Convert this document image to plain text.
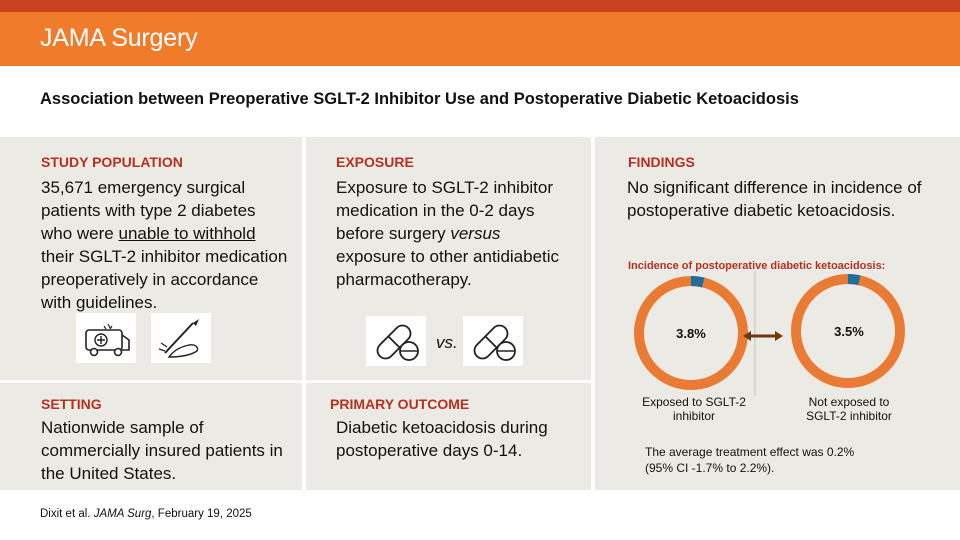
JAMA Surgery
Association between Preoperative SGLT-2 Inhibitor Use and Postoperative Diabetic Ketoacidosis
STUDY POPULATION
35,671 emergency surgical patients with type 2 diabetes who were unable to withhold their SGLT-2 inhibitor medication preoperatively in accordance with guidelines.
EXPOSURE
Exposure to SGLT-2 inhibitor medication in the 0-2 days before surgery versus exposure to other antidiabetic pharmacotherapy.
vs.
SETTING
Nationwide sample of commercially insured patients in the United States.
PRIMARY OUTCOME
Diabetic ketoacidosis during postoperative days 0-14.
FINDINGS
No significant difference in incidence of postoperative diabetic ketoacidosis.
Incidence of postoperative diabetic ketoacidosis:
3.8%	3.5%
Exposed to SGLT-2
inhibitor
Not exposed to
SGLT-2 inhibitor
The average treatment effect was 0.2%
(95% CI -1.7% to 2.2%).
Dixit et al. JAMA Surg, February 19, 2025
